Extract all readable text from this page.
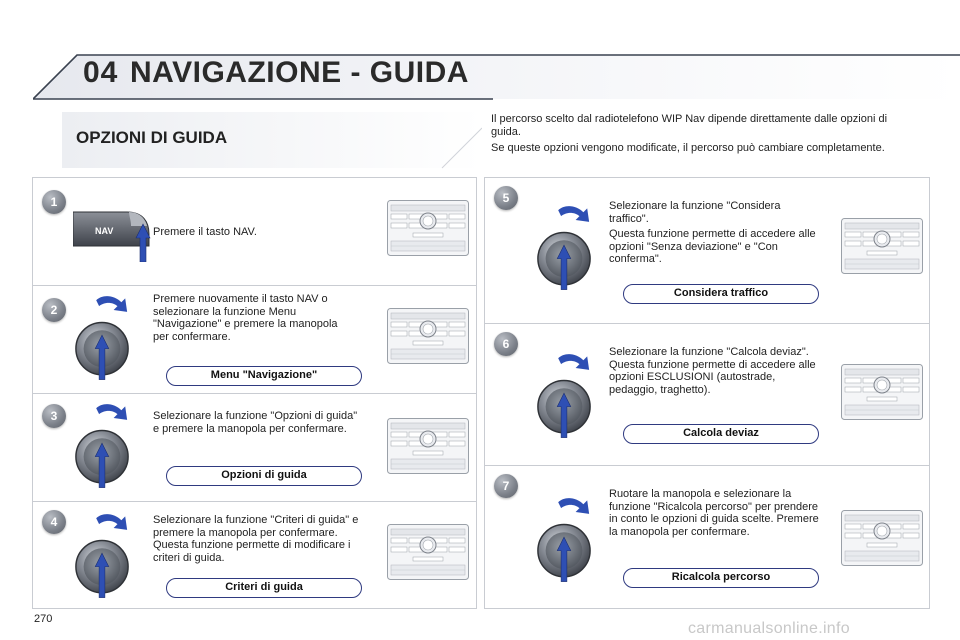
04 NAVIGAZIONE - GUIDA
OPZIONI DI GUIDA

Il percorso scelto dal radiotelefono WIP Nav dipende direttamente dalle opzioni di guida.

Se queste opzioni vengono modificate, il percorso può cambiare completamente.

1
NAV	Premere il tasto NAV.

2

Premere nuovamente il tasto NAV o selezionare la funzione Menu "Navigazione" e premere la manopola per confermare.

Menu "Navigazione"
3	Selezionare la funzione "Opzioni di guida" e premere la manopola per confermare.

Opzioni di guida
4	Selezionare la funzione "Criteri di guida" e premere la manopola per confermare. Questa funzione permette di modificare i criteri di guida.

Criteri di guida
5

Selezionare la funzione "Considera traffico".

Questa funzione permette di accedere alle opzioni "Senza deviazione" e "Con conferma".

Considera traffico
6

Selezionare la funzione "Calcola deviaz". Questa funzione permette di accedere alle opzioni ESCLUSIONI (autostrade, pedaggio, traghetto).

Calcola deviaz
7

Ruotare la manopola e selezionare la funzione "Ricalcola percorso" per prendere in conto le opzioni di guida scelte. Premere la manopola per confermare.

Ricalcola percorso
270
carmanualsonline.info
